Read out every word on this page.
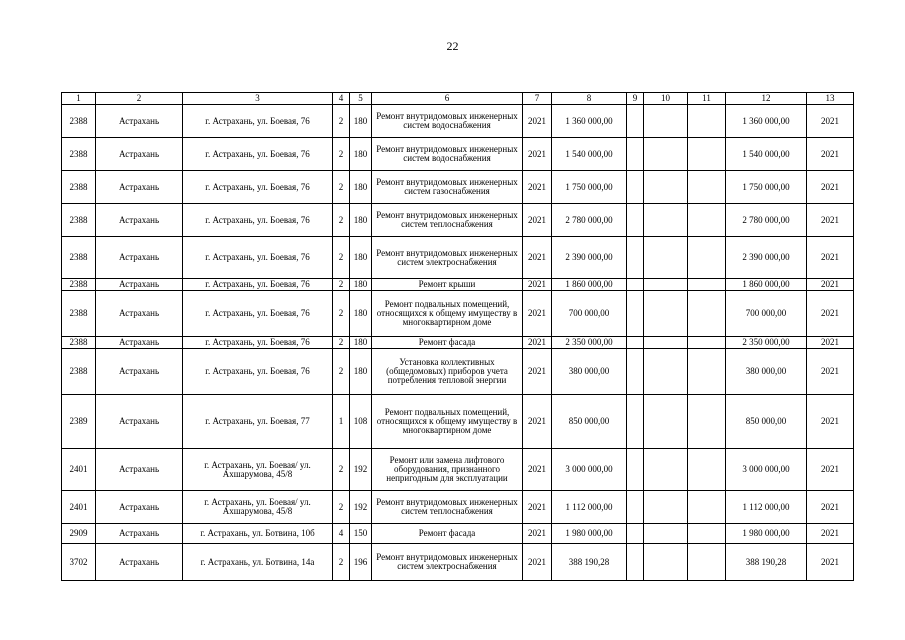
22
1	2	3	4	5	6	7	8	9	10	11	12	13
2388	Астрахань	г. Астрахань, ул. Боевая, 76	2	180	Ремонт внутридомовых инженерных систем водоснабжения	2021	1 360 000,00				1 360 000,00	2021
2388	Астрахань	г. Астрахань, ул. Боевая, 76	2	180	Ремонт внутридомовых инженерных систем водоснабжения	2021	1 540 000,00				1 540 000,00	2021
2388	Астрахань	г. Астрахань, ул. Боевая, 76	2	180	Ремонт внутридомовых инженерных систем газоснабжения	2021	1 750 000,00				1 750 000,00	2021
2388	Астрахань	г. Астрахань, ул. Боевая, 76	2	180	Ремонт внутридомовых инженерных систем теплоснабжения	2021	2 780 000,00				2 780 000,00	2021
2388	Астрахань	г. Астрахань, ул. Боевая, 76	2	180	Ремонт внутридомовых инженерных систем электроснабжения	2021	2 390 000,00				2 390 000,00	2021
2388	Астрахань	г. Астрахань, ул. Боевая, 76	2	180	Ремонт крыши	2021	1 860 000,00				1 860 000,00	2021
2388	Астрахань	г. Астрахань, ул. Боевая, 76	2	180	Ремонт подвальных помещений, относящихся к общему имуществу в многоквартирном доме	2021	700 000,00				700 000,00	2021
2388	Астрахань	г. Астрахань, ул. Боевая, 76	2	180	Ремонт фасада	2021	2 350 000,00				2 350 000,00	2021
2388	Астрахань	г. Астрахань, ул. Боевая, 76	2	180	Установка коллективных (общедомовых) приборов учета потребления тепловой энергии	2021	380 000,00				380 000,00	2021
2389	Астрахань	г. Астрахань, ул. Боевая, 77	1	108	Ремонт подвальных помещений, относящихся к общему имуществу в многоквартирном доме	2021	850 000,00				850 000,00	2021
2401	Астрахань	г. Астрахань, ул. Боевая/ ул. Ахшарумова, 45/8	2	192	Ремонт или замена лифтового оборудования, признанного непригодным для эксплуатации	2021	3 000 000,00				3 000 000,00	2021
2401	Астрахань	г. Астрахань, ул. Боевая/ ул. Ахшарумова, 45/8	2	192	Ремонт внутридомовых инженерных систем теплоснабжения	2021	1 112 000,00				1 112 000,00	2021
2909	Астрахань	г. Астрахань, ул. Ботвина, 10б	4	150	Ремонт фасада	2021	1 980 000,00				1 980 000,00	2021
3702	Астрахань	г. Астрахань, ул. Ботвина, 14а	2	196	Ремонт внутридомовых инженерных систем электроснабжения	2021	388 190,28				388 190,28	2021
